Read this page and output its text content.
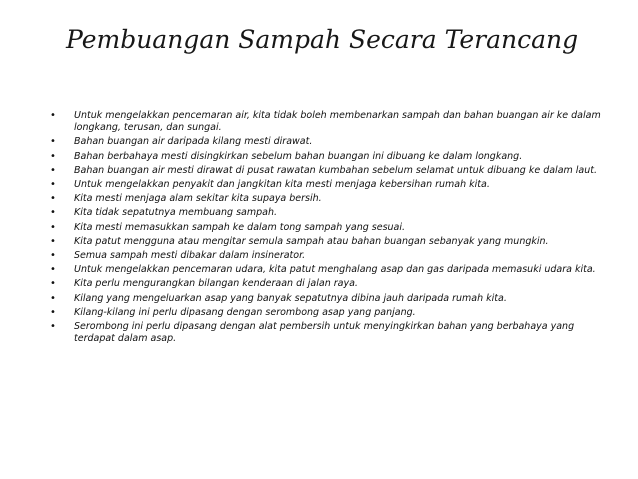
Pembuangan Sampah Secara Terancang
• Untuk mengelakkan pencemaran air, kita tidak boleh membenarkan sampah dan bahan buangan air ke dalam longkang, terusan, dan sungai.
• Bahan buangan air daripada kilang mesti dirawat.
• Bahan berbahaya mesti disingkirkan sebelum bahan buangan ini dibuang ke dalam longkang.
• Bahan buangan air mesti dirawat di pusat rawatan kumbahan sebelum selamat untuk dibuang ke dalam laut.
• Untuk mengelakkan penyakit dan jangkitan kita mesti menjaga kebersihan rumah kita.
• Kita mesti menjaga alam sekitar kita supaya bersih.
• Kita tidak sepatutnya membuang sampah.
• Kita mesti memasukkan sampah ke dalam tong sampah yang sesuai.
• Kita patut mengguna atau mengitar semula sampah atau bahan buangan sebanyak yang mungkin.
• Semua sampah mesti dibakar dalam insinerator.
• Untuk mengelakkan pencemaran udara, kita patut menghalang asap dan gas daripada memasuki udara kita.
• Kita perlu mengurangkan bilangan kenderaan di jalan raya.
• Kilang yang mengeluarkan asap yang banyak sepatutnya dibina jauh daripada rumah kita.
• Kilang-kilang ini perlu dipasang dengan serombong asap yang panjang.
• Serombong ini perlu dipasang dengan alat pembersih untuk menyingkirkan bahan yang berbahaya yang terdapat dalam asap.
